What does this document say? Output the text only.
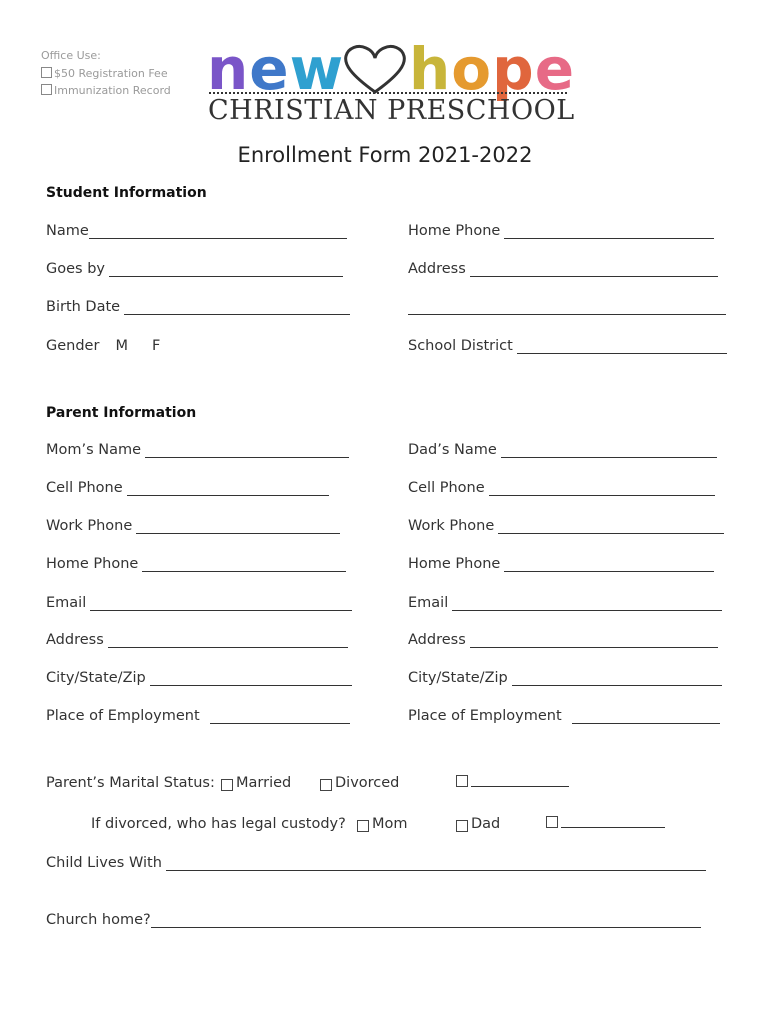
Office Use:
$50 Registration Fee
Immunization Record new hope
CHRISTIAN PRESCHOOL
Enrollment Form 2021-2022
Student Information
Name	Home Phone
Goes by	Address
Birth Date
Gender M F	School District
Parent Information
Mom’s Name	Dad’s Name
Cell Phone	Cell Phone
Work Phone	Work Phone
Home Phone	Home Phone
Email	Email
Address	Address
City/State/Zip	City/State/Zip
Place of Employment	Place of Employment
Parent’s Marital Status: Married	Divorced
If divorced, who has legal custody? Mom	Dad
Child Lives With
Church home?
